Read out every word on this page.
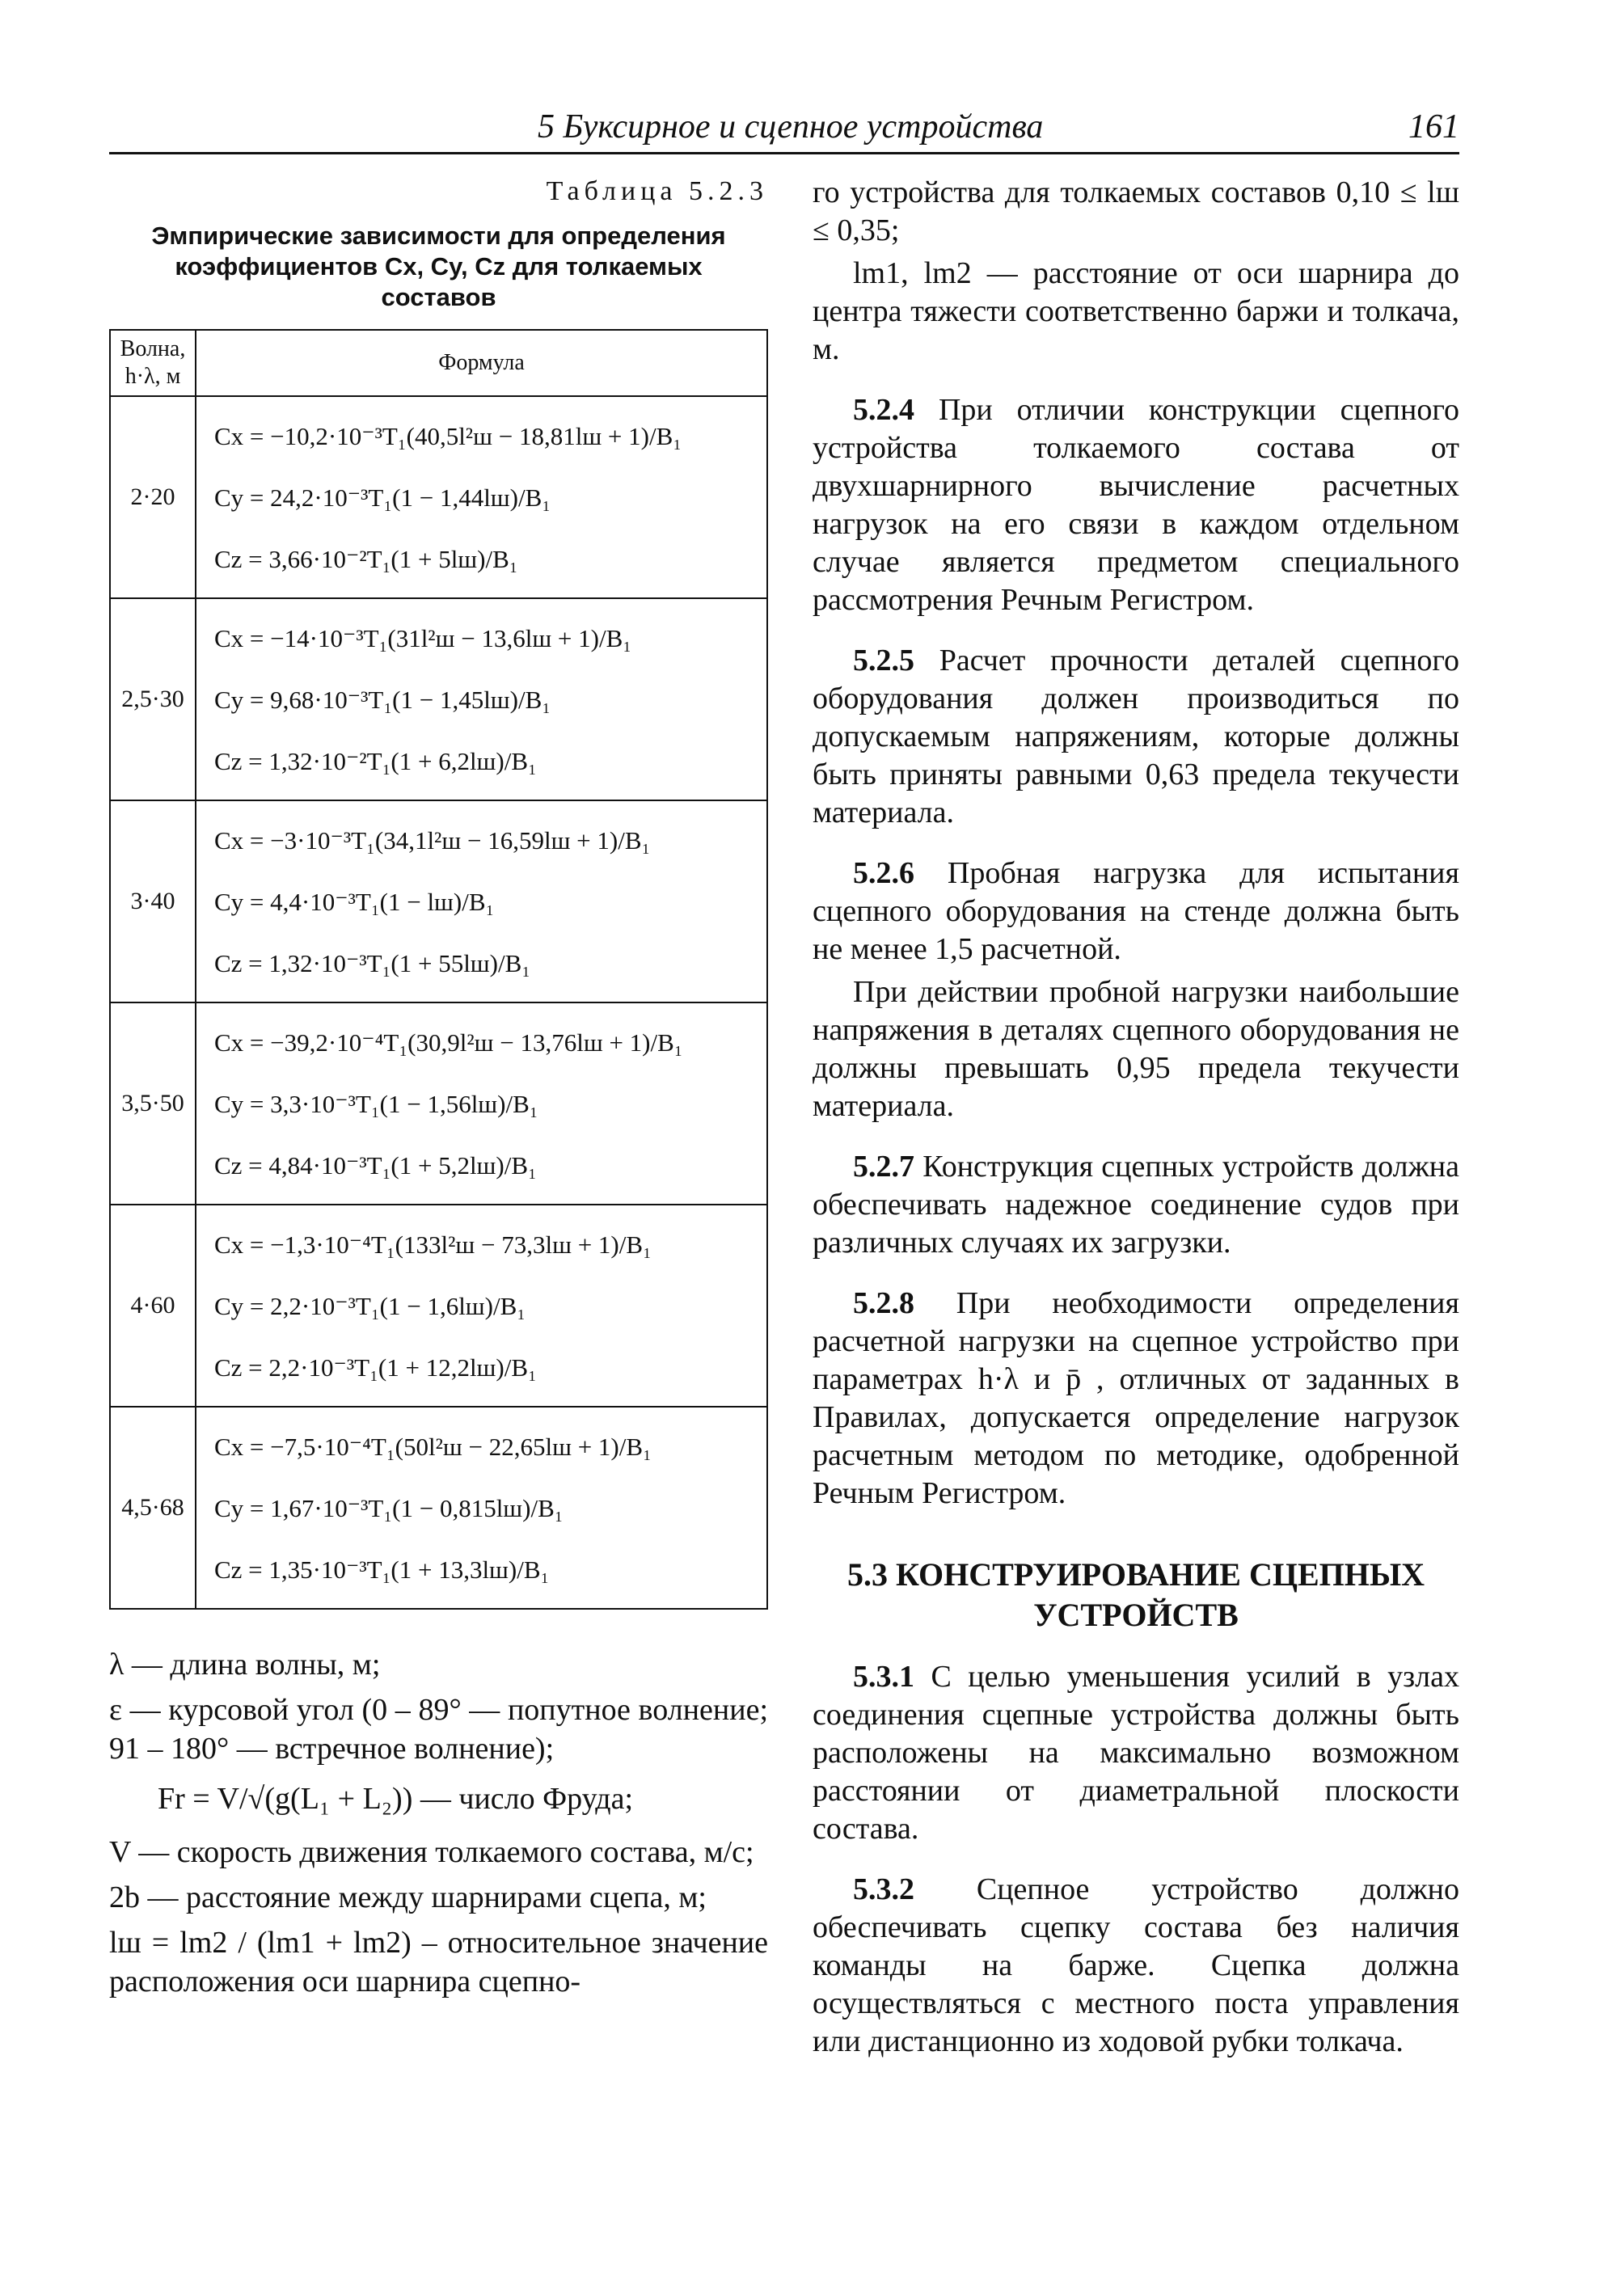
5 Буксирное и сцепное устройства	161
Таблица 5.2.3
Эмпирические зависимости для определения коэффициентов Cx, Cy, Cz для толкаемых составов
Волна, h·λ, м	Формула
2·20	Cx = −10,2·10⁻³T₁(40,5l²ш − 18,81lш + 1)/B₁
Cy = 24,2·10⁻³T₁(1 − 1,44lш)/B₁
Cz = 3,66·10⁻²T₁(1 + 5lш)/B₁

2,5·30	Cx = −14·10⁻³T₁(31l²ш − 13,6lш + 1)/B₁
Cy = 9,68·10⁻³T₁(1 − 1,45lш)/B₁
Cz = 1,32·10⁻²T₁(1 + 6,2lш)/B₁

3·40	Cx = −3·10⁻³T₁(34,1l²ш − 16,59lш + 1)/B₁
Cy = 4,4·10⁻³T₁(1 − lш)/B₁
Cz = 1,32·10⁻³T₁(1 + 55lш)/B₁

3,5·50	Cx = −39,2·10⁻⁴T₁(30,9l²ш − 13,76lш + 1)/B₁
Cy = 3,3·10⁻³T₁(1 − 1,56lш)/B₁
Cz = 4,84·10⁻³T₁(1 + 5,2lш)/B₁

4·60	Cx = −1,3·10⁻⁴T₁(133l²ш − 73,3lш + 1)/B₁
Cy = 2,2·10⁻³T₁(1 − 1,6lш)/B₁
Cz = 2,2·10⁻³T₁(1 + 12,2lш)/B₁

4,5·68	Cx = −7,5·10⁻⁴T₁(50l²ш − 22,65lш + 1)/B₁
Cy = 1,67·10⁻³T₁(1 − 0,815lш)/B₁
Cz = 1,35·10⁻³T₁(1 + 13,3lш)/B₁

λ — длина волны, м;

ε — курсовой угол (0 – 89° — попутное волнение; 91 – 180° — встречное волнение);

Fr = V/√(g(L₁ + L₂)) — число Фруда;

V — скорость движения толкаемого состава, м/с;

2b — расстояние между шарнирами сцепа, м;

lш = lm2 / (lm1 + lm2) – относительное значение расположения оси шарнира сцепно-

го устройства для толкаемых составов 0,10 ≤ lш ≤ 0,35;

lm1, lm2 — расстояние от оси шарнира до центра тяжести соответственно баржи и толкача, м.

5.2.4 При отличии конструкции сцепного устройства толкаемого состава от двухшарнирного вычисление расчетных нагрузок на его связи в каждом отдельном случае является предметом специального рассмотрения Речным Регистром.

5.2.5 Расчет прочности деталей сцепного оборудования должен производиться по допускаемым напряжениям, которые должны быть приняты равными 0,63 предела текучести материала.

5.2.6 Пробная нагрузка для испытания сцепного оборудования на стенде должна быть не менее 1,5 расчетной.

При действии пробной нагрузки наибольшие напряжения в деталях сцепного оборудования не должны превышать 0,95 предела текучести материала.

5.2.7 Конструкция сцепных устройств должна обеспечивать надежное соединение судов при различных случаях их загрузки.

5.2.8 При необходимости определения расчетной нагрузки на сцепное устройство при параметрах h·λ и p̄ , отличных от заданных в Правилах, допускается определение нагрузок расчетным методом по методике, одобренной Речным Регистром.

5.3 КОНСТРУИРОВАНИЕ СЦЕПНЫХ УСТРОЙСТВ

5.3.1 С целью уменьшения усилий в узлах соединения сцепные устройства должны быть расположены на максимально возможном расстоянии от диаметральной плоскости состава.

5.3.2 Сцепное устройство должно обеспечивать сцепку состава без наличия команды на барже. Сцепка должна осуществляться с местного поста управления или дистанционно из ходовой рубки толкача.
